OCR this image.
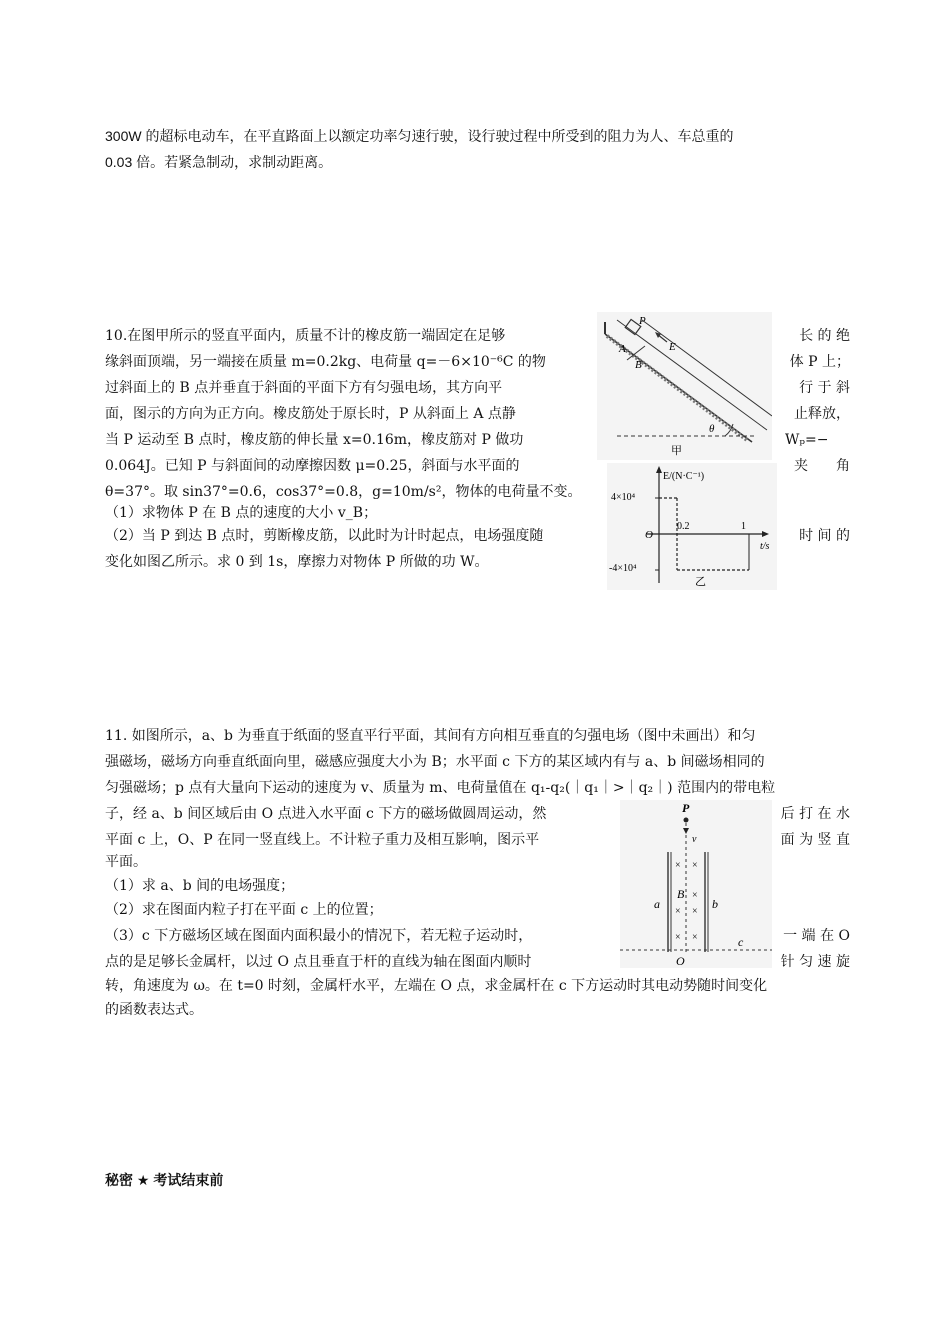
300W 的超标电动车，在平直路面上以额定功率匀速行驶，设行驶过程中所受到的阻力为人、车总重的
0.03 倍。若紧急制动，求制动距离。
10.在图甲所示的竖直平面内，质量不计的橡皮筋一端固定在足够	长 的 绝
缘斜面顶端，另一端接在质量 m=0.2kg、电荷量 q=－6×10⁻⁶C 的物	体 P 上；
过斜面上的 B 点并垂直于斜面的平面下方有匀强电场，其方向平	行 于 斜
面，图示的方向为正方向。橡皮筋处于原长时，P 从斜面上 A 点静	止释放，
当 P 运动至 B 点时，橡皮筋的伸长量 x=0.16m，橡皮筋对 P 做功	Wₚ=−
0.064J。已知 P 与斜面间的动摩擦因数 μ=0.25，斜面与水平面的	夹　　角
θ=37°。取 sin37°=0.6，cos37°=0.8，g=10m/s²，物体的电荷量不变。
（1）求物体 P 在 B 点的速度的大小 v_B；
（2）当 P 到达 B 点时，剪断橡皮筋，以此时为计时起点，电场强度随	时 间 的
变化如图乙所示。求 0 到 1s，摩擦力对物体 P 所做的功 W。
P
A
B
E
θ
甲
E/(N·C⁻¹)
t/s
O
4×10⁴
-4×10⁴
0.2	1
乙
11. 如图所示，a、b 为垂直于纸面的竖直平行平面，其间有方向相互垂直的匀强电场（图中未画出）和匀
强磁场，磁场方向垂直纸面向里，磁感应强度大小为 B；水平面 c 下方的某区域内有与 a、b 间磁场相同的
匀强磁场；p 点有大量向下运动的速度为 v、质量为 m、电荷量值在 q₁-q₂(｜q₁｜>｜q₂｜) 范围内的带电粒
子，经 a、b 间区域后由 O 点进入水平面 c 下方的磁场做圆周运动，然	后 打 在 水
平面 c 上，O、P 在同一竖直线上。不计粒子重力及相互影响，图示平	面 为 竖 直
平面。
（1）求 a、b 间的电场强度；
（2）求在图面内粒子打在平面 c 上的位置；
（3）c 下方磁场区域在图面内面积最小的情况下，若无粒子运动时，	一 端 在 O
点的是足够长金属杆，以过 O 点且垂直于杆的直线为轴在图面内顺时	针 匀 速 旋
转，角速度为 ω。在 t=0 时刻，金属杆水平，左端在 O 点，求金属杆在 c 下方运动时其电动势随时间变化
的函数表达式。
P
v
a	b
B
c
O
× ×
×
× ×
× ×
秘密 ★ 考试结束前
